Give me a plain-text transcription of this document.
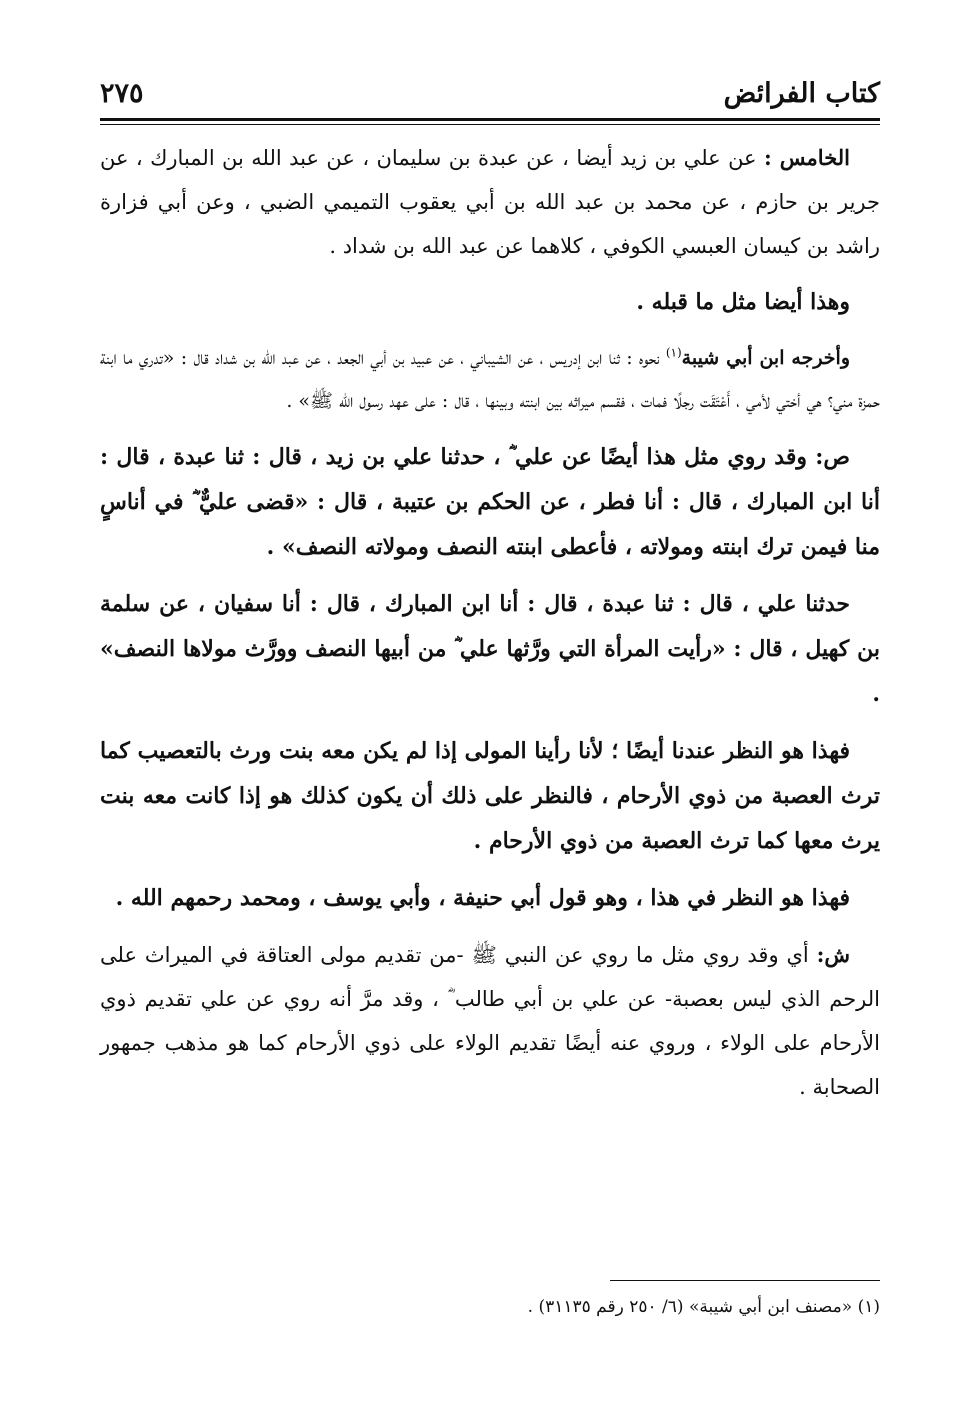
كتاب الفرائض
٢٧٥

الخامس : عن علي بن زيد أيضا ، عن عبدة بن سليمان ، عن عبد الله بن المبارك ، عن جرير بن حازم ، عن محمد بن عبد الله بن أبي يعقوب التميمي الضبي ، وعن أبي فزارة راشد بن كيسان العبسي الكوفي ، كلاهما عن عبد الله بن شداد .

وهذا أيضا مثل ما قبله .

وأخرجه ابن أبي شيبة$^{(١)}$ نحوه : ثنا ابن إدريس ، عن الشيباني ، عن عبيد بن أبي الجعد ، عن عبد الله بن شداد قال : «تدري ما ابنة حمزة مني؟ هي أختي لأمي ، أَعْتَقَت رجلًا فمات ، فقسم ميراثه بين ابنته وبينها ، قال : على عهد رسول الله ﷺ» .

ص: وقد روي مثل هذا أيضًا عن علي ؓ ، حدثنا علي بن زيد ، قال : ثنا عبدة ، قال : أنا ابن المبارك ، قال : أنا فطر ، عن الحكم بن عتيبة ، قال : «قضى عليٌّ ؓ في أناسٍ منا فيمن ترك ابنته ومولاته ، فأعطى ابنته النصف ومولاته النصف» .

حدثنا علي ، قال : ثنا عبدة ، قال : أنا ابن المبارك ، قال : أنا سفيان ، عن سلمة بن كهيل ، قال : «رأيت المرأة التي ورَّثها علي ؓ من أبيها النصف وورَّث مولاها النصف» .

فهذا هو النظر عندنا أيضًا ؛ لأنا رأينا المولى إذا لم يكن معه بنت ورث بالتعصيب كما ترث العصبة من ذوي الأرحام ، فالنظر على ذلك أن يكون كذلك هو إذا كانت معه بنت يرث معها كما ترث العصبة من ذوي الأرحام .

فهذا هو النظر في هذا ، وهو قول أبي حنيفة ، وأبي يوسف ، ومحمد رحمهم الله .

ش: أي وقد روي مثل ما روي عن النبي ﷺ -من تقديم مولى العتاقة في الميراث على الرحم الذي ليس بعصبة- عن علي بن أبي طالب ؓ ، وقد مرَّ أنه روي عن علي تقديم ذوي الأرحام على الولاء ، وروي عنه أيضًا تقديم الولاء على ذوي الأرحام كما هو مذهب جمهور الصحابة .

(١) «مصنف ابن أبي شيبة» (٦/ ٢٥٠ رقم ٣١١٣٥) .
